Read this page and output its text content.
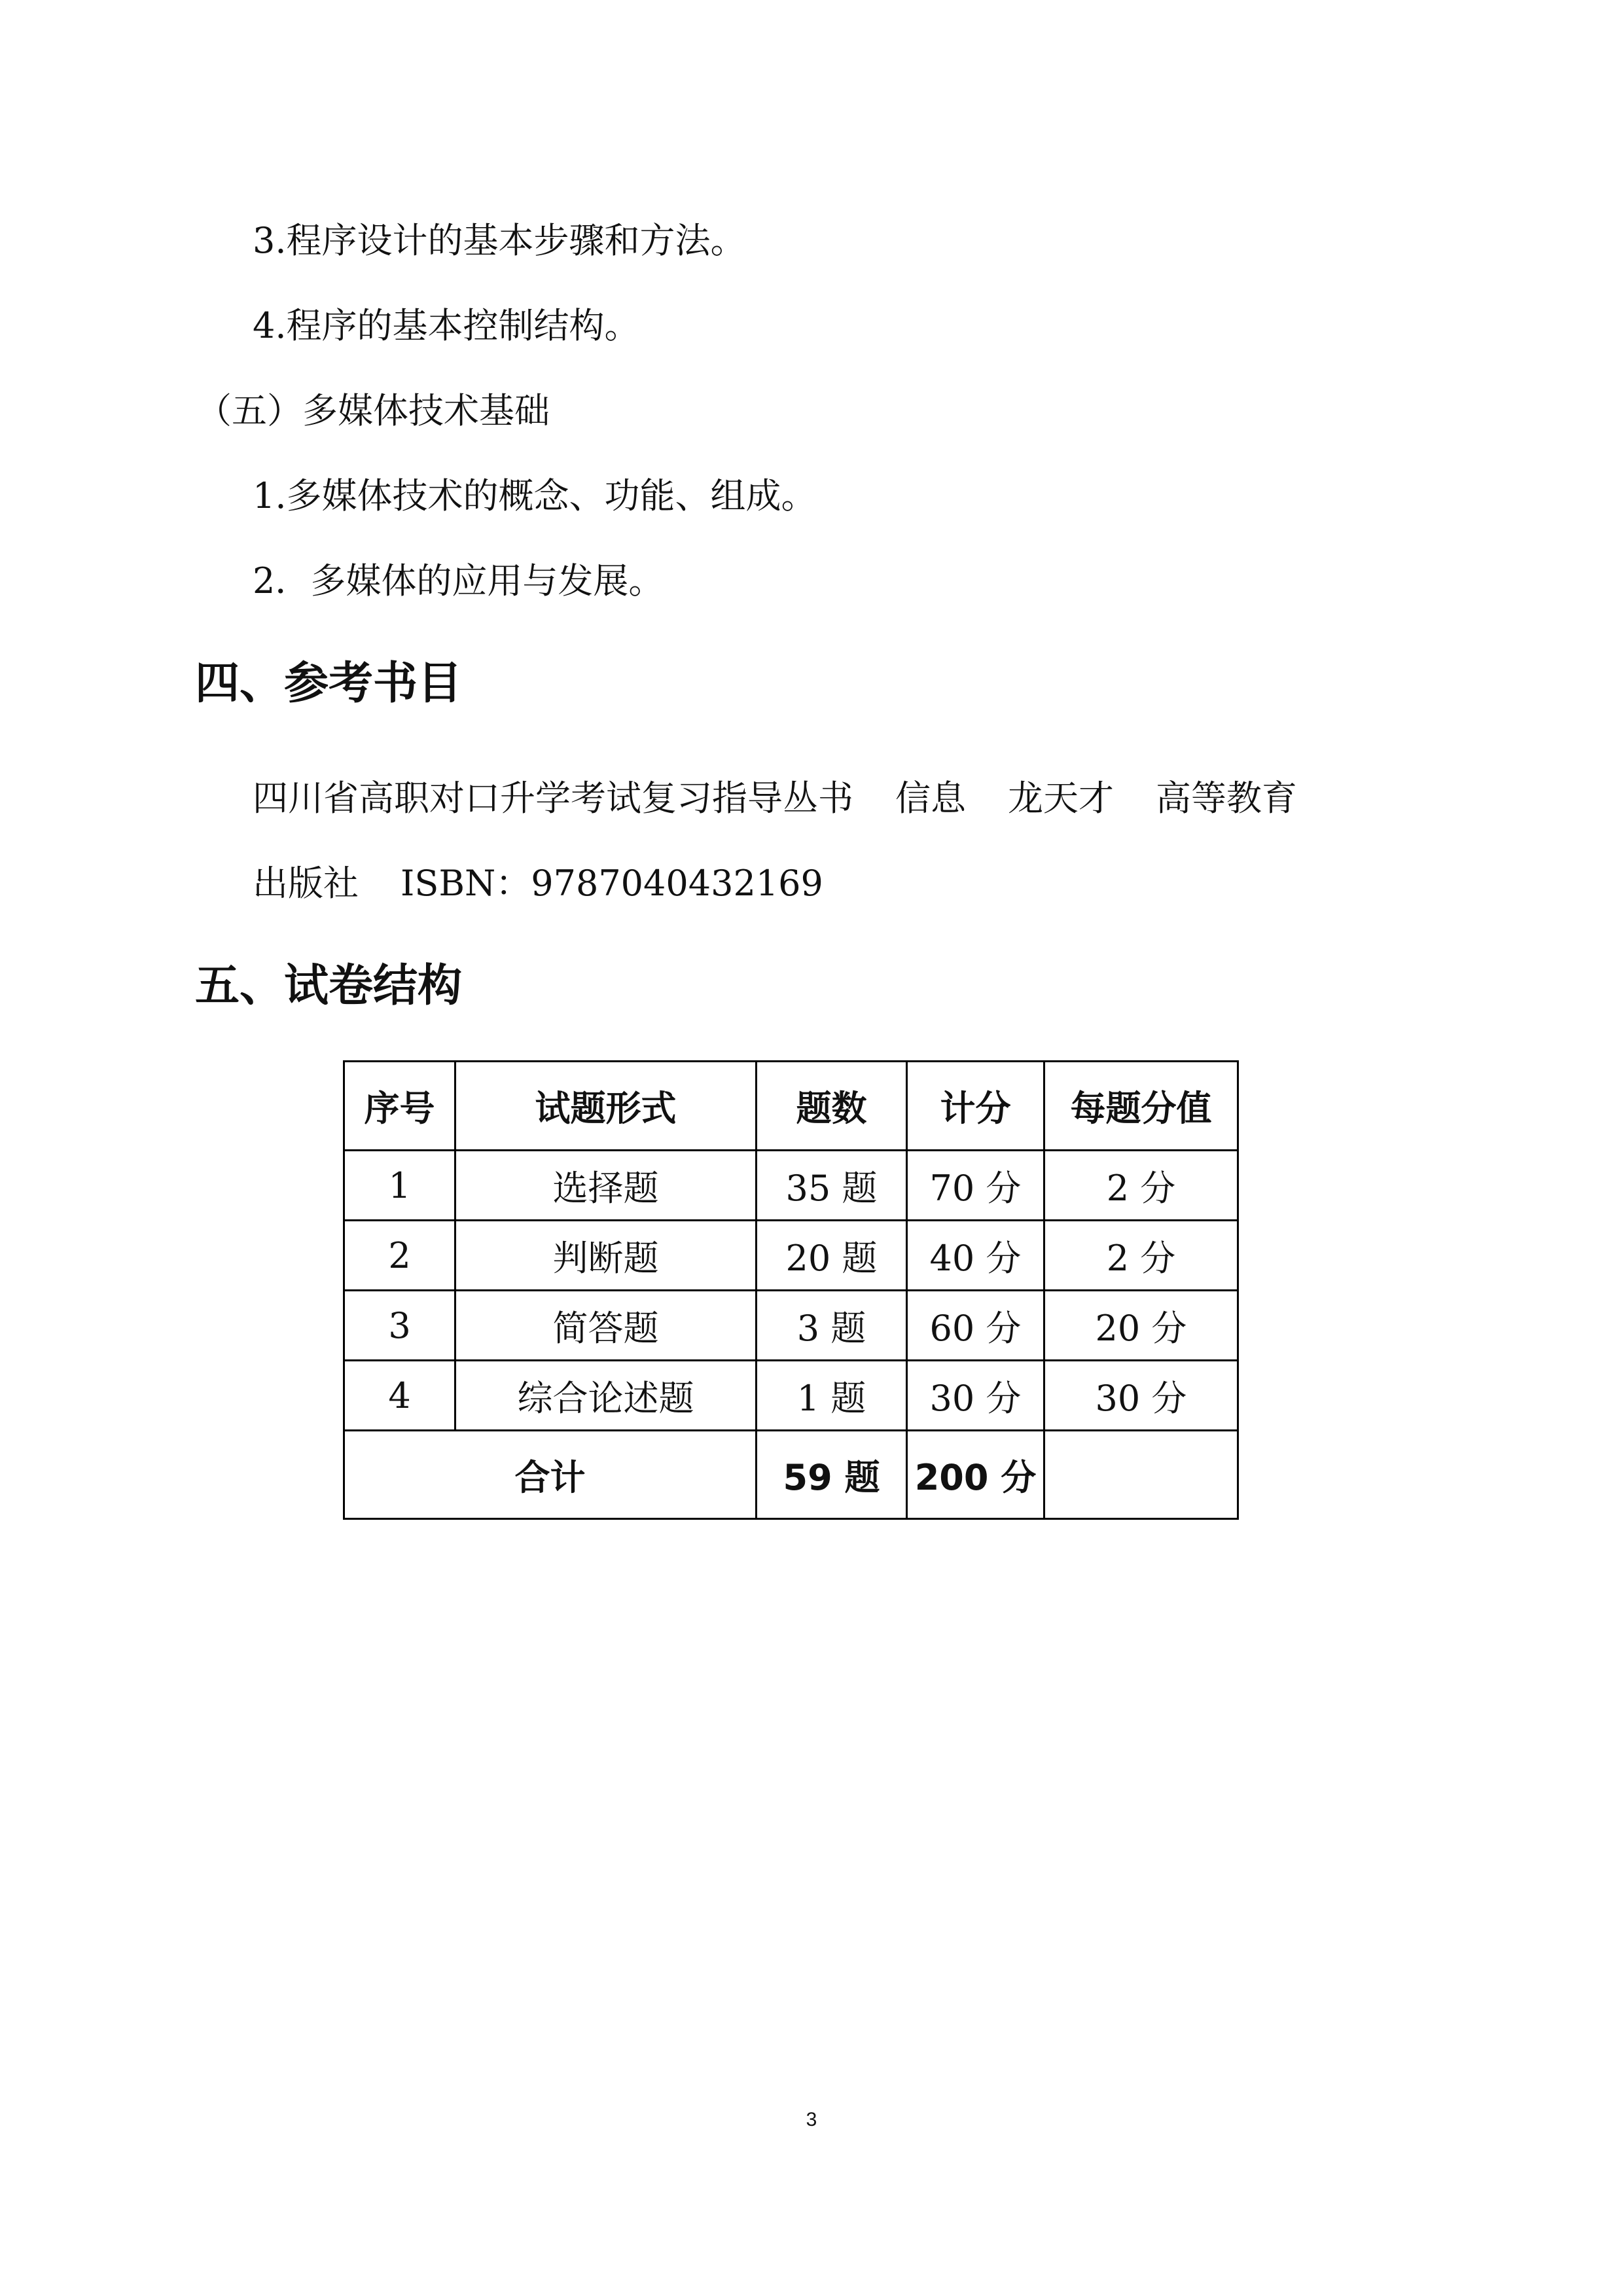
3.程序设计的基本步骤和方法。
4.程序的基本控制结构。
（五）多媒体技术基础
1.多媒体技术的概念、功能、组成。
2．多媒体的应用与发展。
四、参考书目
四川省高职对口升学考试复习指导丛书 信息 龙天才 高等教育
出版社 ISBN：9787040432169
五、试卷结构
序号	试题形式	题数	计分	每题分值
1	选择题	35 题	70 分	2 分
2	判断题	20 题	40 分	2 分
3	简答题	3 题	60 分	20 分
4	综合论述题	1 题	30 分	30 分
合计		59 题	200 分	
3
